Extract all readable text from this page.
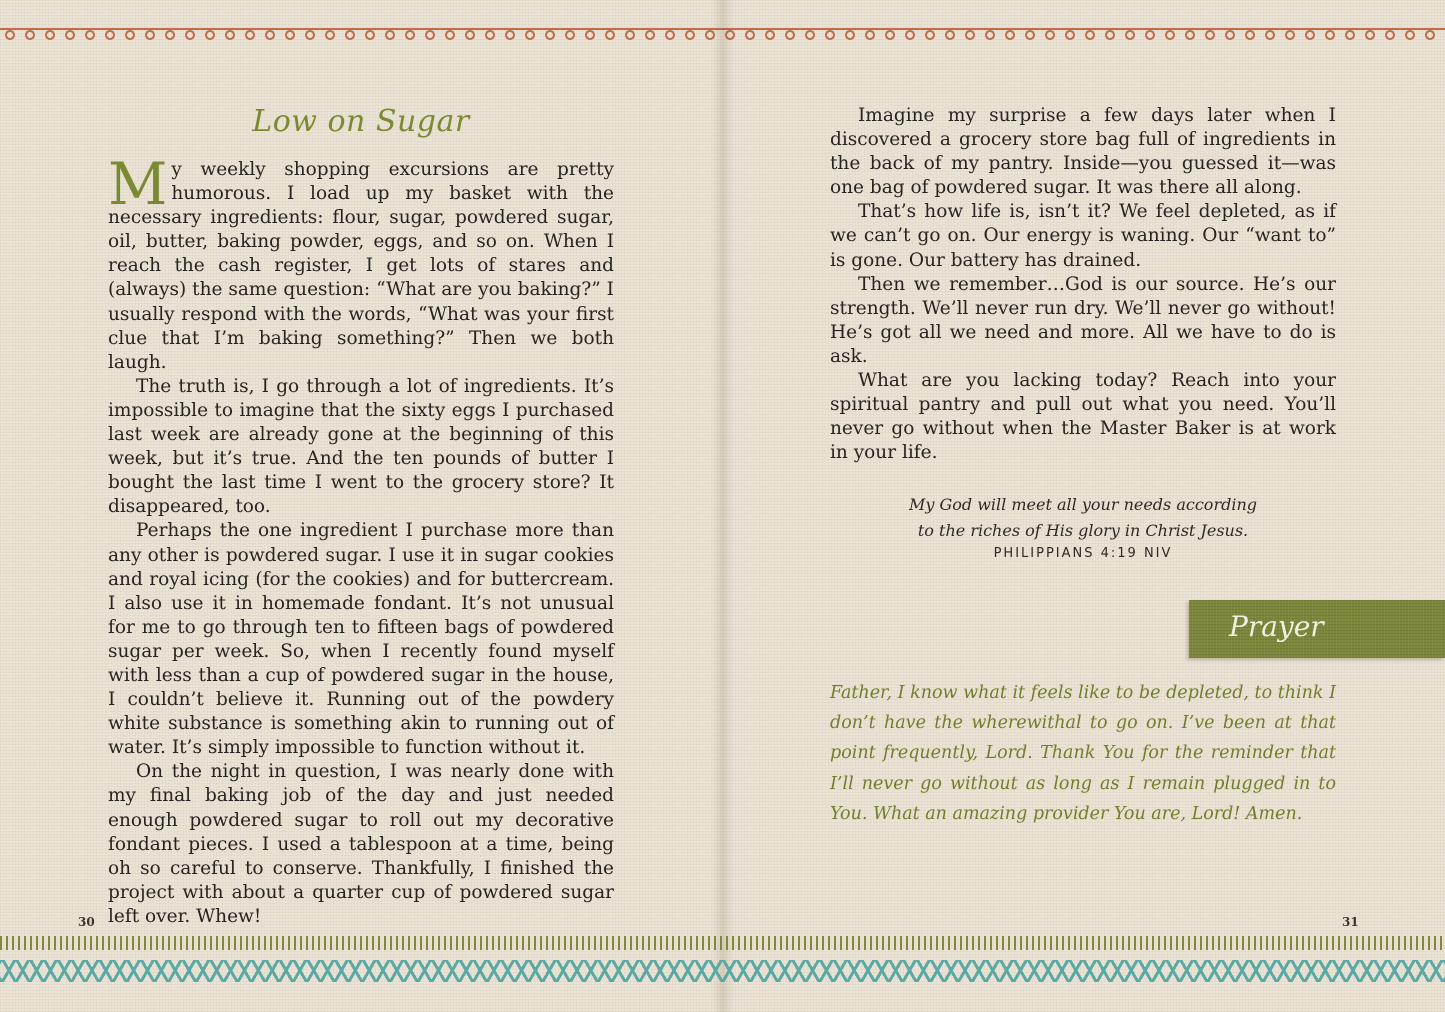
Low on Sugar

My weekly shopping excursions are pretty humorous. I load up my basket with the necessary ingredients: flour, sugar, powdered sugar, oil, butter, baking powder, eggs, and so on. When I reach the cash register, I get lots of stares and (always) the same question: “What are you baking?” I usually respond with the words, “What was your first clue that I’m baking something?” Then we both laugh.

The truth is, I go through a lot of ingredients. It’s impossible to imagine that the sixty eggs I purchased last week are already gone at the beginning of this week, but it’s true. And the ten pounds of butter I bought the last time I went to the grocery store? It disappeared, too.

Perhaps the one ingredient I purchase more than any other is powdered sugar. I use it in sugar cookies and royal icing (for the cookies) and for buttercream. I also use it in homemade fondant. It’s not unusual for me to go through ten to fifteen bags of powdered sugar per week. So, when I recently found myself with less than a cup of powdered sugar in the house, I couldn’t believe it. Running out of the powdery white substance is something akin to running out of water. It’s simply impossible to function without it.

On the night in question, I was nearly done with my final baking job of the day and just needed enough powdered sugar to roll out my decorative fondant pieces. I used a tablespoon at a time, being oh so careful to conserve. Thankfully, I finished the project with about a quarter cup of powdered sugar left over. Whew!

30

Imagine my surprise a few days later when I discovered a grocery store bag full of ingredients in the back of my pantry. Inside—you guessed it—was one bag of powdered sugar. It was there all along.

That’s how life is, isn’t it? We feel depleted, as if we can’t go on. Our energy is waning. Our “want to” is gone. Our battery has drained.

Then we remember…God is our source. He’s our strength. We’ll never run dry. We’ll never go without! He’s got all we need and more. All we have to do is ask.

What are you lacking today? Reach into your spiritual pantry and pull out what you need. You’ll never go without when the Master Baker is at work in your life.

My God will meet all your needs according
to the riches of His glory in Christ Jesus.
PHILIPPIANS 4:19 NIV
Prayer
Father, I know what it feels like to be depleted, to think I don’t have the wherewithal to go on. I’ve been at that point frequently, Lord. Thank You for the reminder that I’ll never go without as long as I remain plugged in to You. What an amazing provider You are, Lord! Amen.
31
